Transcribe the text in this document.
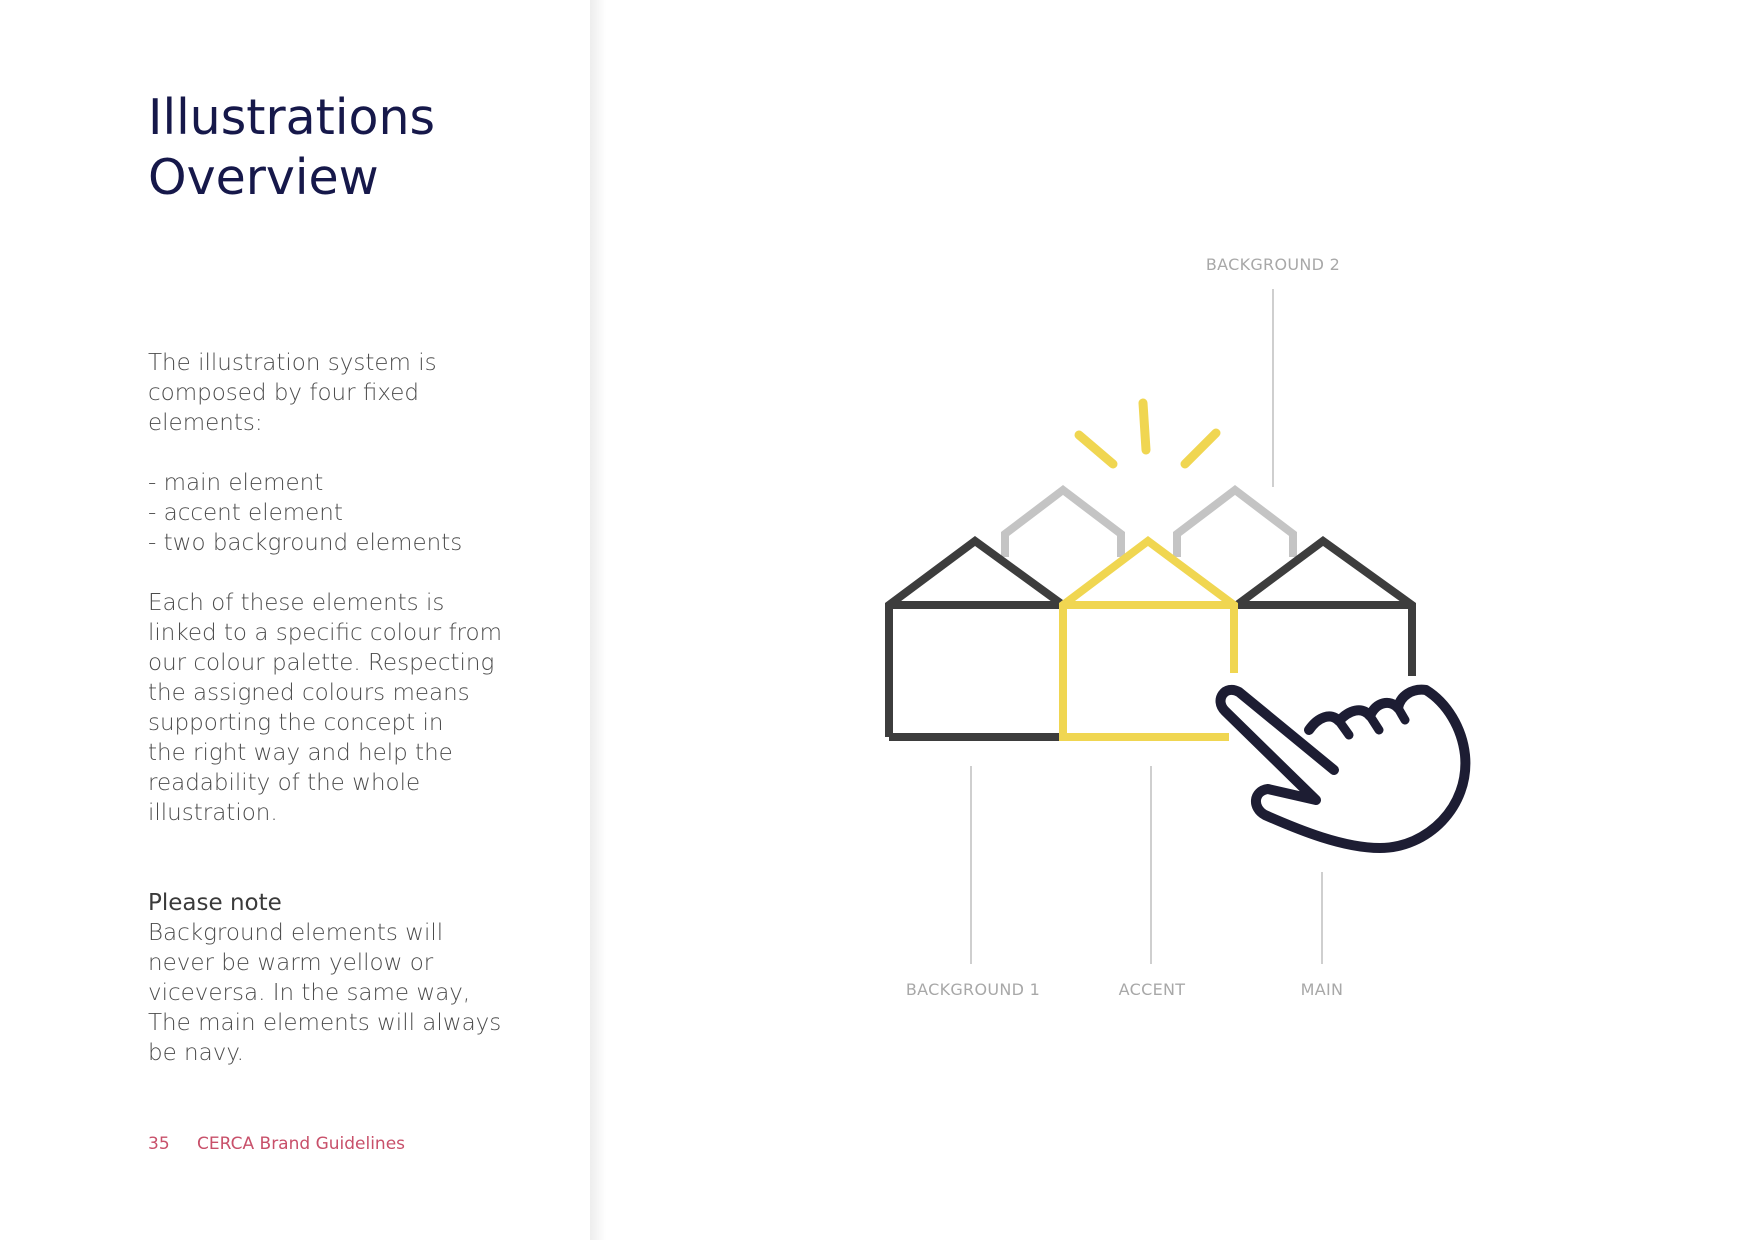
Illustrations
Overview

The illustration system is

composed by four fixed

elements:

- main element

- accent element

- two background elements

Each of these elements is

linked to a specific colour from

our colour palette. Respecting

the assigned colours means

supporting the concept in

the right way and help the

readability of the whole

illustration.

Please note

Background elements will

never be warm yellow or

viceversa. In the same way,

The main elements will always

be navy.

35 CERCA Brand Guidelines
BACKGROUND 2
BACKGROUND 1	ACCENT	MAIN
